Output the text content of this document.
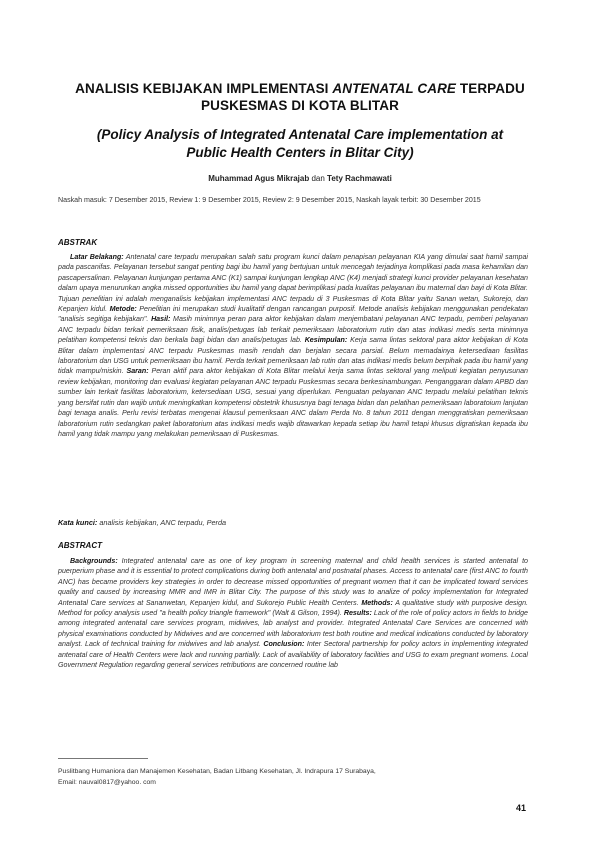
ANALISIS KEBIJAKAN IMPLEMENTASI ANTENATAL CARE TERPADU
PUSKESMAS DI KOTA BLITAR
(Policy Analysis of Integrated Antenatal Care implementation at
Public Health Centers in Blitar City)
Muhammad Agus Mikrajab dan Tety Rachmawati
Naskah masuk: 7 Desember 2015, Review 1: 9 Desember 2015, Review 2: 9 Desember 2015, Naskah layak terbit: 30 Desember 2015
ABSTRAK
Latar Belakang: Antenatal care terpadu merupakan salah satu program kunci dalam penapisan pelayanan KIA yang dimulai saat hamil sampai pada pascanifas. Pelayanan tersebut sangat penting bagi ibu hamil yang bertujuan untuk mencegah terjadinya komplikasi pada masa kehamilan dan pascapersalinan. Pelayanan kunjungan pertama ANC (K1) sampai kunjungan lengkap ANC (K4) menjadi strategi kunci provider pelayanan kesehatan dalam upaya menurunkan angka missed opportunities ibu hamil yang dapat berimplikasi pada kualitas pelayanan ibu maternal dan bayi di Kota Blitar. Tujuan penelitian ini adalah menganalisis kebijakan implementasi ANC terpadu di 3 Puskesmas di Kota Blitar yaitu Sanan wetan, Sukorejo, dan Kepanjen kidul. Metode: Penelitian ini merupakan studi kualitatif dengan rancangan purposif. Metode analisis kebijakan menggunakan pendekatan "analisis segitiga kebijakan". Hasil: Masih minimnya peran para aktor kebijakan dalam menjembatani pelayanan ANC terpadu, pemberi pelayanan ANC terpadu bidan terkait pemeriksaan fisik, analis/petugas lab terkait pemeriksaan laboratorium rutin dan atas indikasi medis serta minimnya pelatihan kompetensi teknis dan berkala bagi bidan dan analis/petugas lab. Kesimpulan: Kerja sama lintas sektoral para aktor kebijakan di Kota Blitar dalam implementasi ANC terpadu Puskesmas masih rendah dan berjalan secara parsial. Belum memadainya ketersediaan fasilitas laboratorium dan USG untuk pemeriksaan ibu hamil. Perda terkait pemeriksaan lab rutin dan atas indikasi medis belum berpihak pada ibu hamil yang tidak mampu/miskin. Saran: Peran aktif para aktor kebijakan di Kota Blitar melalui kerja sama lintas sektoral yang meliputi kegiatan penyusunan review kebijakan, monitoring dan evaluasi kegiatan pelayanan ANC terpadu Puskesmas secara berkesinambungan. Penganggaran dalam APBD dan sumber lain terkait fasilitas laboratorium, ketersediaan USG, sesuai yang diperlukan. Penguatan pelayanan ANC terpadu melalui pelatihan teknis yang bersifat rutin dan wajib untuk meningkatkan kompetensi obstetrik khususnya bagi tenaga bidan dan pelatihan pemeriksaan laboratoium lanjutan bagi tenaga analis. Perlu revisi terbatas mengenai klausul pemeriksaan ANC dalam Perda No. 8 tahun 2011 dengan menggratiskan pemeriksaan laboratorium rutin sedangkan paket laboratorium atas indikasi medis wajib ditawarkan kepada setiap ibu hamil tetapi khusus digratiskan kepada ibu hamil yang tidak mampu yang melakukan pemeriksaan di Puskesmas.
Kata kunci: analisis kebijakan, ANC terpadu, Perda
ABSTRACT
Backgrounds: Integrated antenatal care as one of key program in screening maternal and child health services is started antenatal to puerperium phase and it is essential to protect complications during both antenatal and postnatal phases. Access to antenatal care (first ANC to fourth ANC) has became providers key strategies in order to decrease missed opportunities of pregnant women that it can be implicated toward services quality and caused by increasing MMR and IMR in Blitar City. The purpose of this study was to analize of policy implementation for Integrated Antenatal Care services at Sananwetan, Kepanjen kidul, and Sukorejo Public Health Centers. Methods: A qualitative study with purposive design. Method for policy analysis used "a health policy triangle framework" (Walt & Gilson, 1994). Results: Lack of the role of policy actors in fields to bridge among integrated antenatal care services program, midwives, lab analyst and provider. Integrated Antenatal Care Services are concerned with physical examinations conducted by Midwives and are concerned with laboratorium test both routine and medical indications conducted by laboratory analyst. Lack of technical training for midwives and lab analyst. Conclusion: Inter Sectoral partnership for policy actors in implementing integrated antenatal care of Health Centers were lack and running partially. Lack of availability of laboratory facilities and USG to exam pregnant womens. Local Government Regulation regarding general services retributions are concerned routine lab
Puslitbang Humaniora dan Manajemen Kesehatan, Badan Litbang Kesehatan, Jl. Indrapura 17 Surabaya,
Email: nauval0817@yahoo. com
41
